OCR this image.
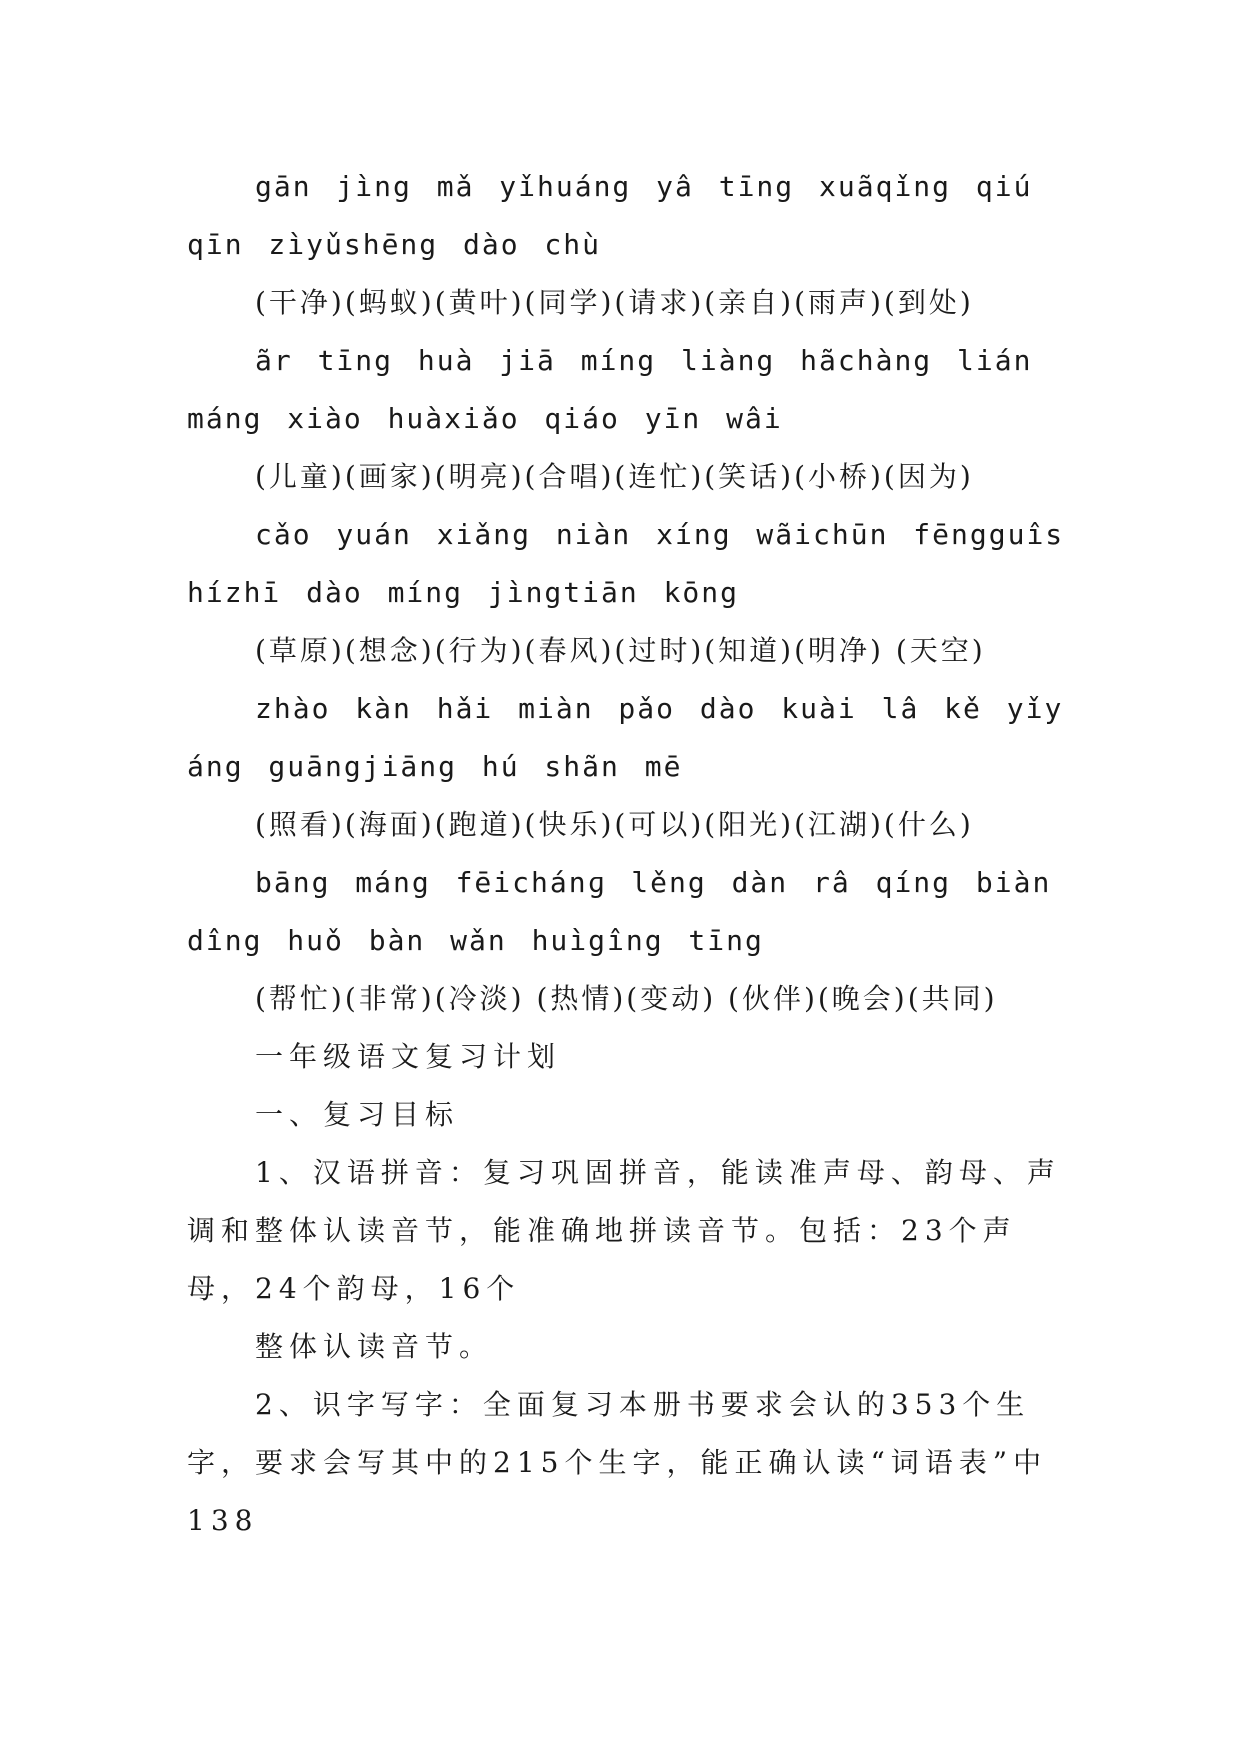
gān jìng mǎ yǐhuáng yâ tīng xuãqǐng qiú qīn zìyǔshēng dào chù

(干净)(蚂蚁)(黄叶)(同学)(请求)(亲自)(雨声)(到处)

ãr tīng huà jiā míng liàng hãchàng lián máng xiào huàxiǎo qiáo yīn wâi

(儿童)(画家)(明亮)(合唱)(连忙)(笑话)(小桥)(因为)

cǎo yuán xiǎng niàn xíng wãichūn fēngguîshízhī dào míng jìngtiān kōng

(草原)(想念)(行为)(春风)(过时)(知道)(明净) (天空)

zhào kàn hǎi miàn pǎo dào kuài lâ kě yǐyáng guāngjiāng hú shãn mē

(照看)(海面)(跑道)(快乐)(可以)(阳光)(江湖)(什么)

bāng máng fēichánɡ lěng dàn râ qíng biàn dîng huǒ bàn wǎn huìgîng tīng

(帮忙)(非常)(冷淡) (热情)(变动) (伙伴)(晚会)(共同)

一年级语文复习计划

一、复习目标

1、汉语拼音：复习巩固拼音，能读准声母、韵母、声调和整体认读音节，能准确地拼读音节。包括：23个声母，24个韵母，16个

整体认读音节。

2、识字写字：全面复习本册书要求会认的353个生字，要求会写其中的215个生字，能正确认读“词语表”中138
